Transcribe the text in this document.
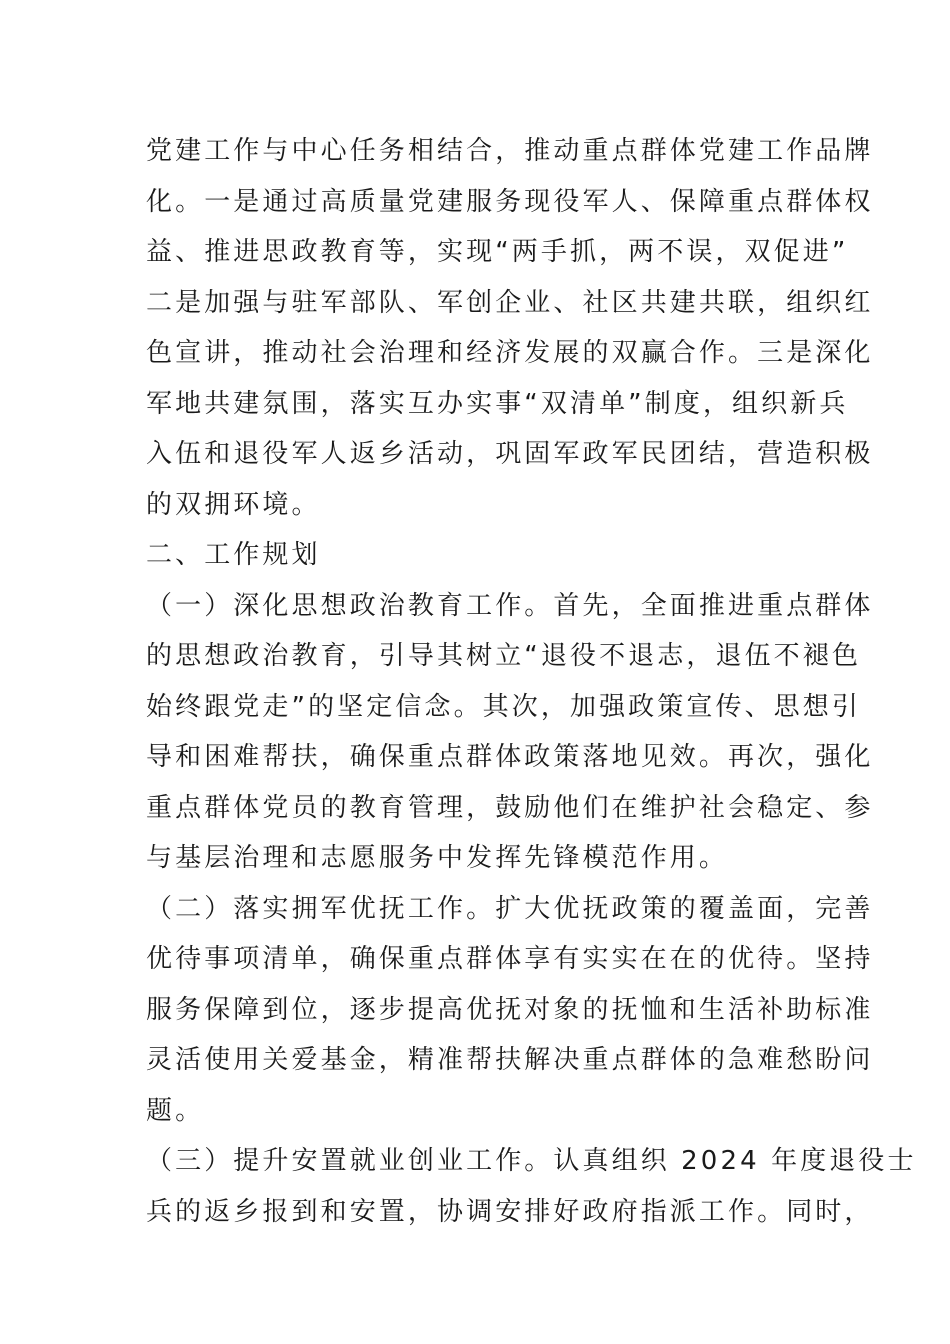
党建工作与中心任务相结合，推动重点群体党建工作品牌
化。一是通过高质量党建服务现役军人、保障重点群体权
益、推进思政教育等，实现“两手抓，两不误，双促进”
二是加强与驻军部队、军创企业、社区共建共联，组织红
色宣讲，推动社会治理和经济发展的双赢合作。三是深化
军地共建氛围，落实互办实事“双清单”制度，组织新兵
入伍和退役军人返乡活动，巩固军政军民团结，营造积极
的双拥环境。
二、工作规划
（一）深化思想政治教育工作。首先，全面推进重点群体
的思想政治教育，引导其树立“退役不退志，退伍不褪色
始终跟党走”的坚定信念。其次，加强政策宣传、思想引
导和困难帮扶，确保重点群体政策落地见效。再次，强化
重点群体党员的教育管理，鼓励他们在维护社会稳定、参
与基层治理和志愿服务中发挥先锋模范作用。
（二）落实拥军优抚工作。扩大优抚政策的覆盖面，完善
优待事项清单，确保重点群体享有实实在在的优待。坚持
服务保障到位，逐步提高优抚对象的抚恤和生活补助标准
灵活使用关爱基金，精准帮扶解决重点群体的急难愁盼问
题。
（三）提升安置就业创业工作。认真组织 2024 年度退役士
兵的返乡报到和安置，协调安排好政府指派工作。同时，
